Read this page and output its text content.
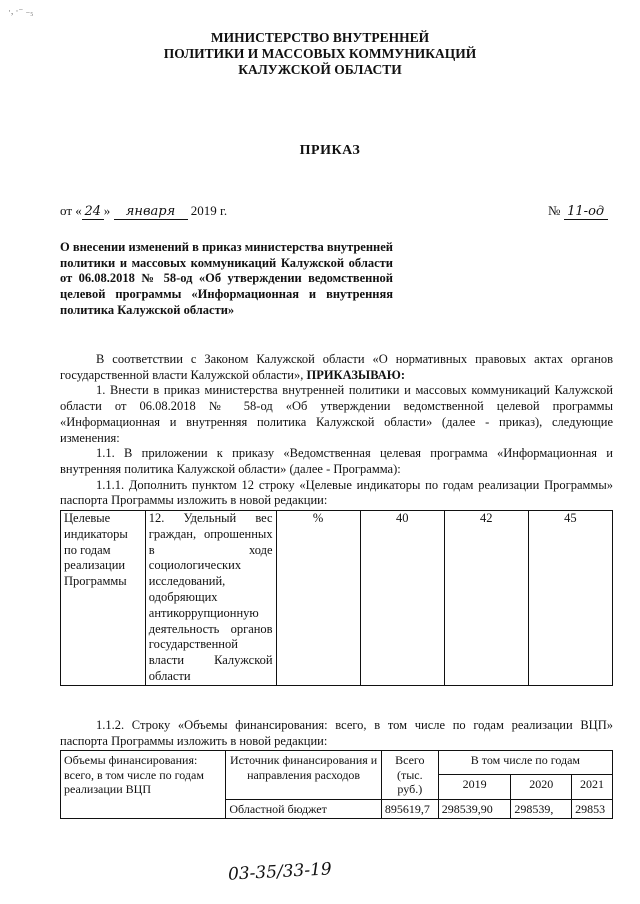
·, ·⁻ ₋₅
МИНИСТЕРСТВО ВНУТРЕННЕЙ
ПОЛИТИКИ И МАССОВЫХ КОММУНИКАЦИЙ
КАЛУЖСКОЙ ОБЛАСТИ
ПРИКАЗ
от « 24 » января 2019 г.	№ 11-од

О внесении изменений в приказ министерства внутренней политики и массовых коммуникаций Калужской области от 06.08.2018 № 58-од «Об утверждении ведомственной целевой программы «Информационная и внутренняя политика Калужской области»

В соответствии с Законом Калужской области «О нормативных правовых актах органов государственной власти Калужской области», ПРИКАЗЫВАЮ:

1. Внести в приказ министерства внутренней политики и массовых коммуникаций Калужской области от 06.08.2018 № 58-од «Об утверждении ведомственной целевой программы «Информационная и внутренняя политика Калужской области» (далее - приказ), следующие изменения:

1.1. В приложении к приказу «Ведомственная целевая программа «Информационная и внутренняя политика Калужской области» (далее - Программа):

1.1.1. Дополнить пунктом 12 строку «Целевые индикаторы по годам реализации Программы» паспорта Программы изложить в новой редакции:

Целевые индикаторы по годам реализации Программы	12. Удельный вес граждан, опрошенных в ходе социологических исследований, одобряющих антикоррупционную деятельность органов государственной власти Калужской области	%	40	42	45

1.1.2. Строку «Объемы финансирования: всего, в том числе по годам реализации ВЦП» паспорта Программы изложить в новой редакции:

Объемы финансирования: всего, в том числе по годам реализации ВЦП	Источник финансирования и направления расходов	Всего (тыс. руб.)	В том числе по годам		
			2019	2020	2021
	Областной бюджет	895619,7	298539,90	298539,	29853
03-35/33-19
